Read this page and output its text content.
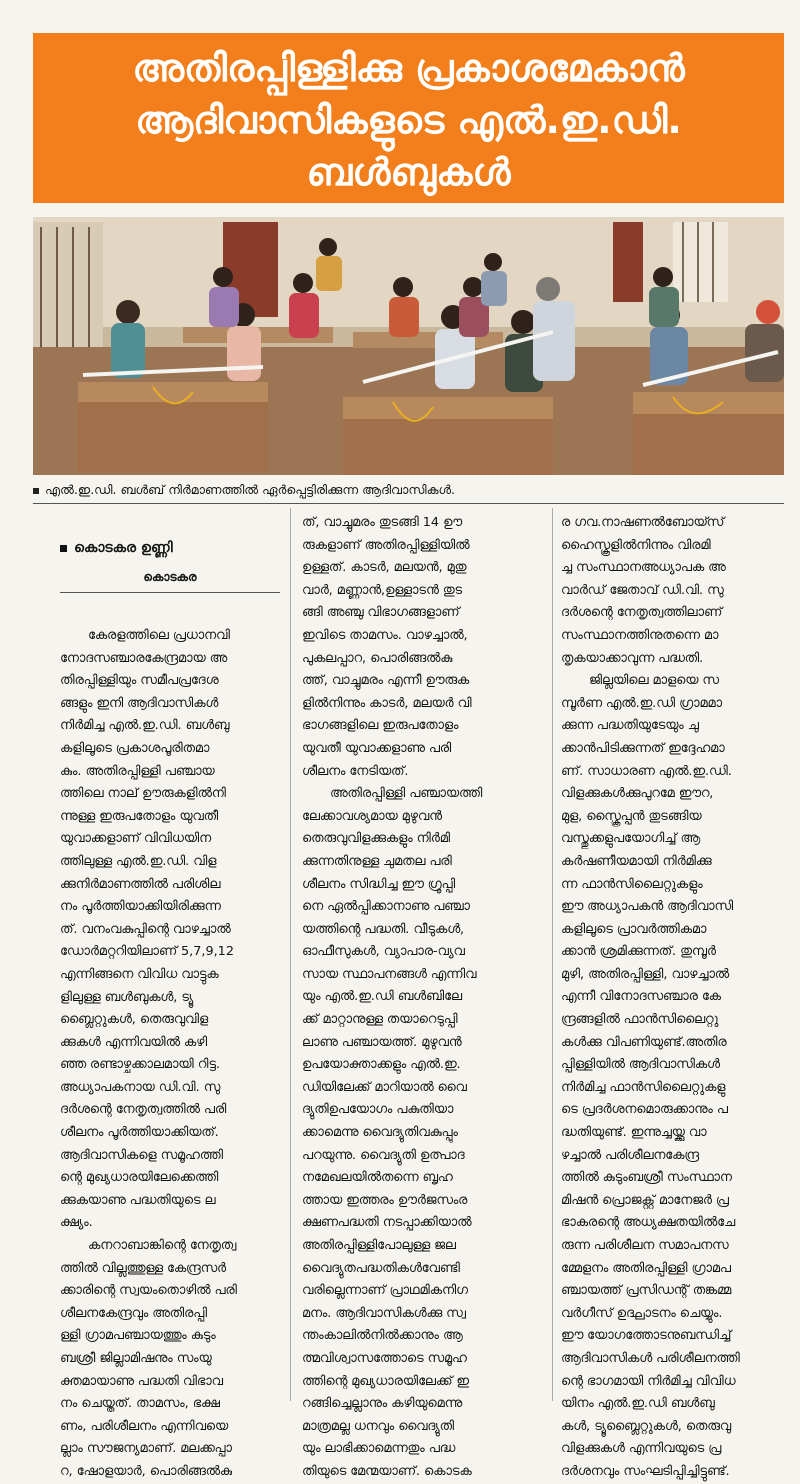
അതിരപ്പിള്ളിക്കു പ്രകാശമേകാൻ
ആദിവാസികളുടെ എൽ.ഇ.ഡി.
ബൾബുകൾ
എൽ.ഇ.ഡി. ബൾബ് നിർമാണത്തിൽ ഏർപ്പെട്ടിരിക്കുന്ന ആദിവാസികൾ.
കൊടകര ഉണ്ണി
കൊടകര

കേരളത്തിലെ പ്രധാനവി

നോദസഞ്ചാരകേന്ദ്രമായ അ

തിരപ്പിള്ളിയും സമീപപ്രദേശ

ങ്ങളും ഇനി ആദിവാസികൾ

നിർമിച്ച എൽ.ഇ.ഡി. ബൾബു

കളിലൂടെ പ്രകാശപൂരിതമാ

കും. അതിരപ്പിള്ളി പഞ്ചായ

ത്തിലെ നാല് ഊരുകളിൽനി

ന്നുള്ള ഇരുപതോളം യുവതീ

യുവാക്കളാണ് വിവിധയിന

ത്തിലുള്ള എൽ.ഇ.ഡി. വിള

ക്കുനിർമാണത്തിൽ പരിശില

നം പൂർത്തിയാക്കിയിരിക്കുന്ന

ത്. വനംവകുപ്പിന്റെ വാഴച്ചാൽ

ഡോർമറ്ററിയിലാണ് 5,7,9,12

എന്നിങ്ങനെ വിവിധ വാട്ടുക

ളിലുള്ള ബൾബുകൾ, ട്യൂ

ബ്ലൈറ്റുകൾ, തെരുവുവിള

ക്കുകൾ എന്നിവയിൽ കഴി

ഞ്ഞ രണ്ടാഴ്ചക്കാലമായി റിട്ട.

അധ്യാപകനായ ഡി.വി. സു

ദർശന്റെ നേതൃത്വത്തിൽ പരി

ശീലനം പൂർത്തിയാക്കിയത്.

ആദിവാസികളെ സമൂഹത്തി

ന്റെ മുഖ്യധാരയിലേക്കെത്തി

ക്കുകയാണു പദ്ധതിയുടെ ല

ക്ഷ്യം.

കനറാബാങ്കിന്റെ നേതൃത്വ

ത്തിൽ വില്ലത്തുള്ള കേന്ദ്രസർ

ക്കാരിന്റെ സ്വയംതൊഴിൽ പരി

ശീലനകേന്ദ്രവും അതിരപ്പി

ള്ളി ഗ്രാമപഞ്ചായത്തും കുടും

ബശ്രീ ജില്ലാമിഷനും സംയു

ക്തമായാണു പദ്ധതി വിഭാവ

നം ചെയ്തത്. താമസം, ഭക്ഷ

ണം, പരിശീലനം എന്നിവയെ

ല്ലാം സൗജന്യമാണ്. മലക്കപ്പാ

റ, ഷോളയാർ, പൊരിങ്ങൽകു

ത്, വാച്ചുമരം തുടങ്ങി 14 ഊ

രുകളാണ് അതിരപ്പിള്ളിയിൽ

ഉള്ളത്. കാടർ, മലയൻ, മുതു

വാർ, മണ്ണാൻ,ഉള്ളാടൻ തുട

ങ്ങി അഞ്ചു വിഭാഗങ്ങളാണ്

ഇവിടെ താമസം. വാഴച്ചാൽ,

പുകലപ്പാറ, പൊരിങ്ങൽകു

ത്ത്, വാച്ചുമരം എന്നീ ഊരുക

ളിൽനിന്നും കാടർ, മലയർ വി

ഭാഗങ്ങളിലെ ഇരുപതോളം

യുവതീ യുവാക്കളാണു പരി

ശീലനം നേടിയത്.

അതിരപ്പിള്ളി പഞ്ചായത്തി

ലേക്കാവശ്യമായ മുഴുവൻ

തെരുവുവിളക്കുകളും നിർമി

ക്കുന്നതിനുള്ള ചുമതല പരി

ശീലനം സിദ്ധിച്ച ഈ ഗ്രൂപ്പി

നെ ഏൽപ്പിക്കാനാണു പഞ്ചാ

യത്തിന്റെ പദ്ധതി. വീടുകൾ,

ഓഫീസുകൾ, വ്യാപാര-വ്യവ

സായ സ്ഥാപനങ്ങൾ എന്നിവ

യും എൽ.ഇ.ഡി ബൾബിലേ

ക്ക് മാറ്റാനുള്ള തയാറെടുപ്പി

ലാണു പഞ്ചായത്ത്. മുഴുവൻ

ഉപയോക്താക്കളും എൽ.ഇ.

ഡിയിലേക്ക് മാറിയാൽ വൈ

ദ്യുതിഉപയോഗം പകുതിയാ

ക്കാമെന്നു വൈദ്യുതിവകുപ്പും

പറയുന്നു. വൈദ്യുതി ഉത്പാദ

നമേഖലയിൽതന്നെ ബൃഹ

ത്തായ ഇത്തരം ഊർജസംര

ക്ഷണപദ്ധതി നടപ്പാക്കിയാൽ

അതിരപ്പിള്ളിപോലുള്ള ജല

വൈദ്യുതപദ്ധതികൾവേണ്ടി

വരില്ലെന്നാണ് പ്രാഥമികനിഗ

മനം. ആദിവാസികൾക്കു സ്വ

ന്തംകാലിൽനിൽക്കാനും ആ

ത്മവിശ്വാസത്തോടെ സമൂഹ

ത്തിന്റെ മുഖ്യധാരയിലേക്ക് ഇ

റങ്ങിച്ചെല്ലാനും കഴിയുമെന്നു

മാത്രമല്ല ധനവും വൈദ്യുതി

യും ലാഭിക്കാമെന്നതും പദ്ധ

തിയുടെ മേന്മയാണ്. കൊടക

ര ഗവ.നാഷണൽബോയ്സ്

ഹൈസ്കൂളിൽനിന്നും വിരമി

ച്ച സംസ്ഥാനഅധ്യാപക അ

വാർഡ് ജേതാവ് ഡി.വി. സു

ദർശന്റെ നേതൃത്വത്തിലാണ്

സംസ്ഥാനത്തിനുതന്നെ മാ

തൃകയാക്കാവുന്ന പദ്ധതി.

ജില്ലയിലെ മാളയെ സ

മ്പൂർണ എൽ.ഇ.ഡി ഗ്രാമമാ

ക്കുന്ന പദ്ധതിയുടേയും ചു

ക്കാൻപിടിക്കുന്നത് ഇദ്ദേഹമാ

ണ്. സാധാരണ എൽ.ഇ.ഡി.

വിളക്കുകൾക്കുപുറമേ ഈറ,

മുള, സ്ക്രൈപ്പൻ തുടങ്ങിയ

വസ്തുക്കളുപയോഗിച്ച് ആ

കർഷണീയമായി നിർമിക്കു

ന്ന ഫാൻസിലൈറ്റുകളും

ഈ അധ്യാപകൻ ആദിവാസി

കളിലൂടെ പ്രാവർത്തികമാ

ക്കാൻ ശ്രമിക്കുന്നത്. തുമ്പൂർ

മുഴി, അതിരപ്പിള്ളി, വാഴച്ചാൽ

എന്നീ വിനോദസഞ്ചാര കേ

ന്ദ്രങ്ങളിൽ ഫാൻസിലൈറ്റു

കൾക്കു വിപണിയുണ്ട്.അതിര

പ്പിള്ളിയിൽ ആദിവാസികൾ

നിർമിച്ച ഫാൻസിലൈറ്റുകളു

ടെ പ്രദർശനമൊരുക്കാനും പ

ദ്ധതിയുണ്ട്. ഇന്നുച്ചയ്ക്കു വാ

ഴച്ചാൽ പരിശീലനകേന്ദ്ര

ത്തിൽ കുടുംബശ്രീ സംസ്ഥാന

മിഷൻ പ്രൊജക്റ്റ് മാനേജർ പ്ര

ഭാകരന്റെ അധ്യക്ഷതയിൽചേ

രുന്ന പരിശീലന സമാപനസ

മ്മേളനം അതിരപ്പിള്ളി ഗ്രാമപ

ഞ്ചായത്ത് പ്രസിഡന്റ് തങ്കമ്മ

വർഗീസ് ഉദ്ഘാടനം ചെയ്യും.

ഈ യോഗത്തോടനുബന്ധിച്ച്

ആദിവാസികൾ പരിശീലനത്തി

ന്റെ ഭാഗമായി നിർമിച്ച വിവിധ

യിനം എൽ.ഇ.ഡി ബൾബു

കൾ, ട്യൂബ്ലൈറ്റുകൾ, തെരുവു

വിളക്കുകൾ എന്നിവയുടെ പ്ര

ദർശനവും സംഘടിപ്പിച്ചിട്ടുണ്ട്.
